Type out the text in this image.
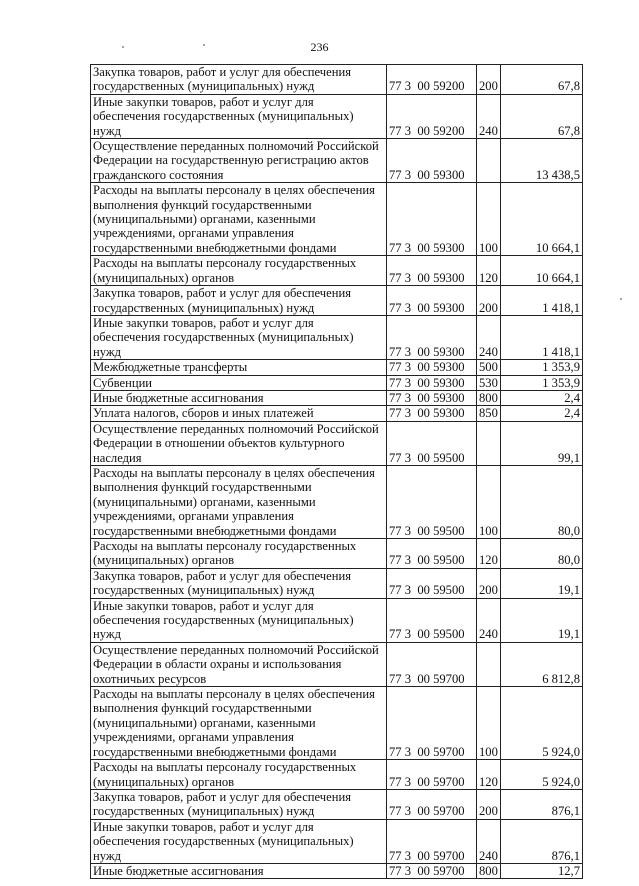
236
Закупка товаров, работ и услуг для обеспечения государственных (муниципальных) нужд	77 3  00 59200	200	67,8
Иные закупки товаров, работ и услуг для обеспечения государственных (муниципальных) нужд	77 3  00 59200	240	67,8
Осуществление переданных полномочий Российской Федерации на государственную регистрацию актов гражданского состояния	77 3  00 59300		13 438,5
Расходы на выплаты персоналу в целях обеспечения выполнения функций государственными (муниципальными) органами, казенными учреждениями, органами управления государственными внебюджетными фондами	77 3  00 59300	100	10 664,1
Расходы на выплаты персоналу государственных (муниципальных) органов	77 3  00 59300	120	10 664,1
Закупка товаров, работ и услуг для обеспечения государственных (муниципальных) нужд	77 3  00 59300	200	1 418,1
Иные закупки товаров, работ и услуг для обеспечения государственных (муниципальных) нужд	77 3  00 59300	240	1 418,1
Межбюджетные трансферты	77 3  00 59300	500	1 353,9
Субвенции	77 3  00 59300	530	1 353,9
Иные бюджетные ассигнования	77 3  00 59300	800	2,4
Уплата налогов, сборов и иных платежей	77 3  00 59300	850	2,4
Осуществление переданных полномочий Российской Федерации в отношении объектов культурного наследия	77 3  00 59500		99,1
Расходы на выплаты персоналу в целях обеспечения выполнения функций государственными (муниципальными) органами, казенными учреждениями, органами управления государственными внебюджетными фондами	77 3  00 59500	100	80,0
Расходы на выплаты персоналу государственных (муниципальных) органов	77 3  00 59500	120	80,0
Закупка товаров, работ и услуг для обеспечения государственных (муниципальных) нужд	77 3  00 59500	200	19,1
Иные закупки товаров, работ и услуг для обеспечения государственных (муниципальных) нужд	77 3  00 59500	240	19,1
Осуществление переданных полномочий Российской Федерации в области охраны и использования охотничьих ресурсов	77 3  00 59700		6 812,8
Расходы на выплаты персоналу в целях обеспечения выполнения функций государственными (муниципальными) органами, казенными учреждениями, органами управления государственными внебюджетными фондами	77 3  00 59700	100	5 924,0
Расходы на выплаты персоналу государственных (муниципальных) органов	77 3  00 59700	120	5 924,0
Закупка товаров, работ и услуг для обеспечения государственных (муниципальных) нужд	77 3  00 59700	200	876,1
Иные закупки товаров, работ и услуг для обеспечения государственных (муниципальных) нужд	77 3  00 59700	240	876,1
Иные бюджетные ассигнования	77 3  00 59700	800	12,7
